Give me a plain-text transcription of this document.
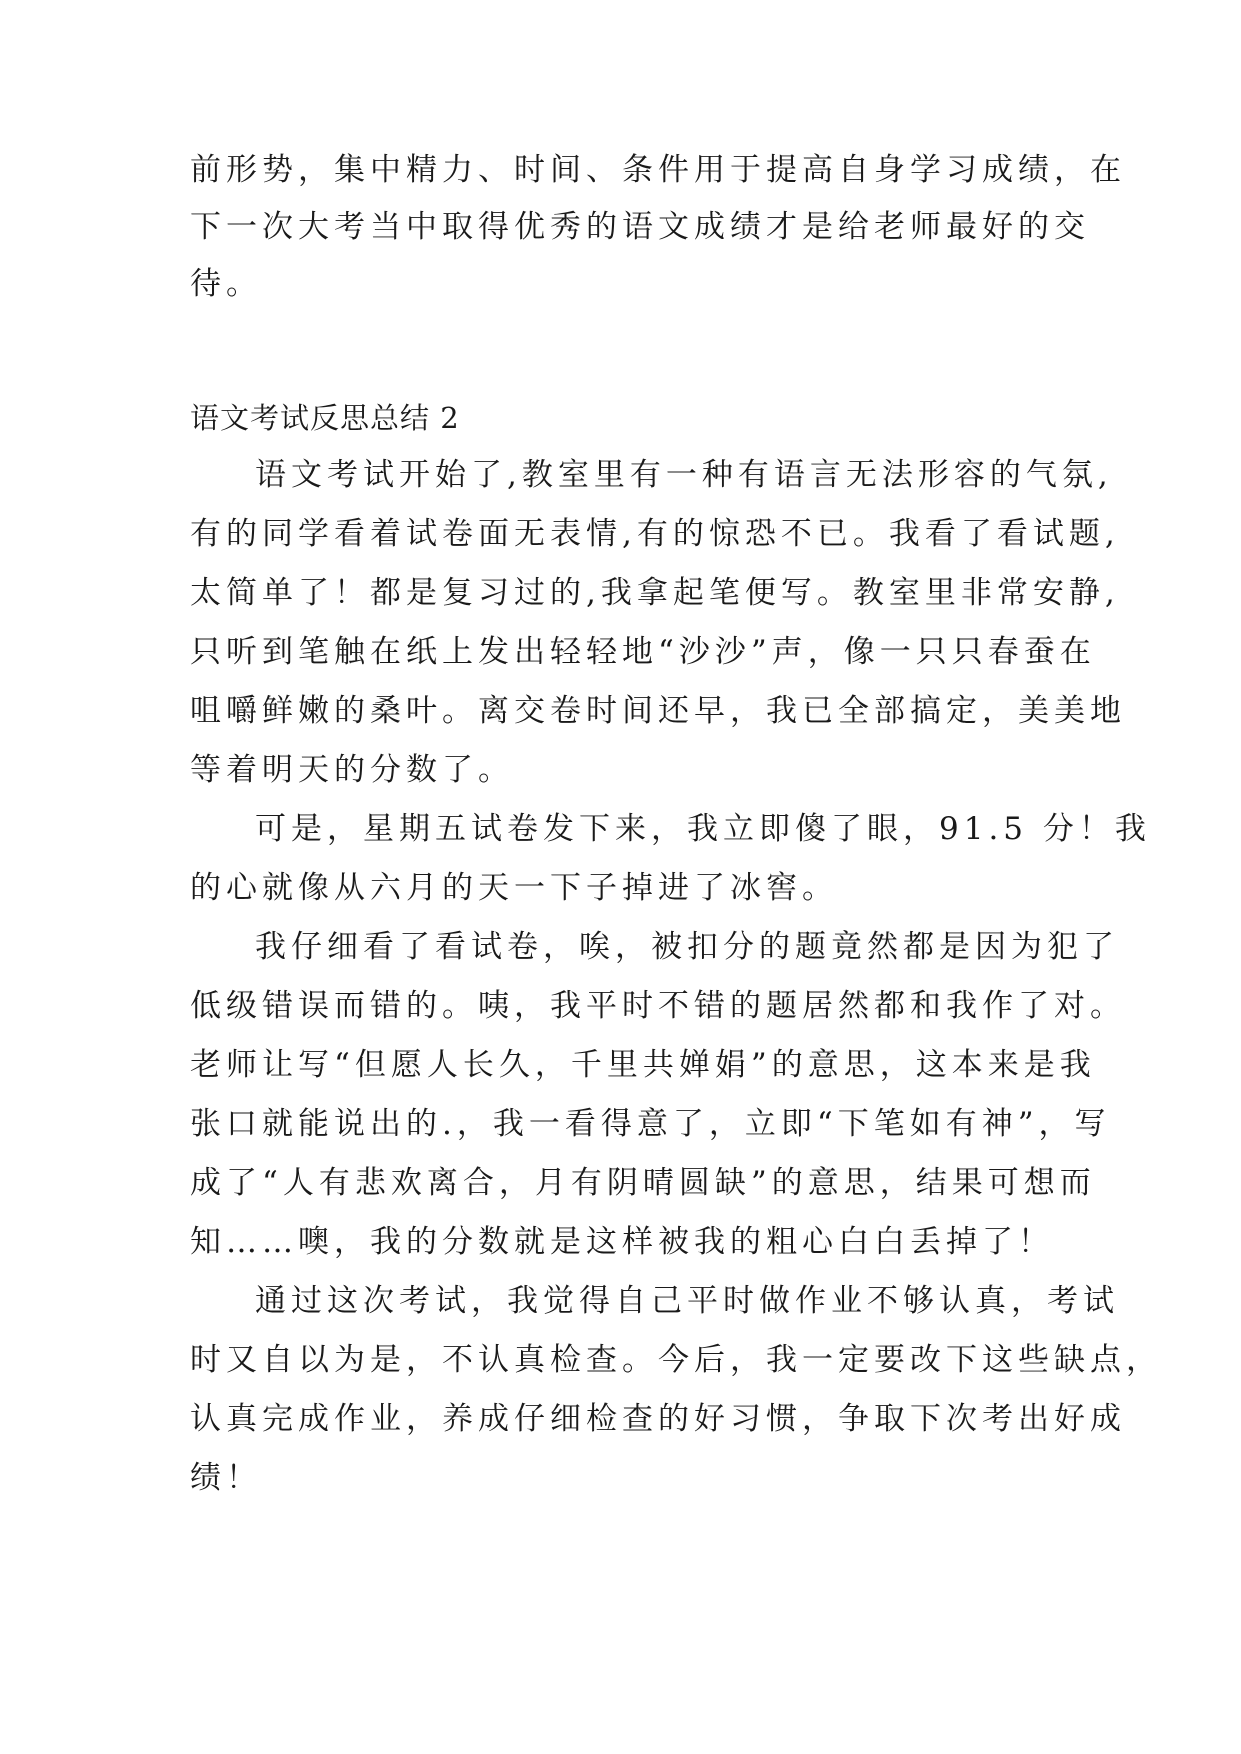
前形势，集中精力、时间、条件用于提高自身学习成绩，在
下一次大考当中取得优秀的语文成绩才是给老师最好的交
待。
语文考试反思总结 2
语文考试开始了,教室里有一种有语言无法形容的气氛,
有的同学看着试卷面无表情,有的惊恐不已。我看了看试题,
太简单了！都是复习过的,我拿起笔便写。教室里非常安静,
只听到笔触在纸上发出轻轻地“沙沙”声，像一只只春蚕在
咀嚼鲜嫩的桑叶。离交卷时间还早，我已全部搞定，美美地
等着明天的分数了。
可是，星期五试卷发下来，我立即傻了眼，91.5 分！我
的心就像从六月的天一下子掉进了冰窖。
我仔细看了看试卷，唉，被扣分的题竟然都是因为犯了
低级错误而错的。咦，我平时不错的题居然都和我作了对。
老师让写“但愿人长久，千里共婵娟”的意思，这本来是我
张口就能说出的.，我一看得意了，立即“下笔如有神”，写
成了“人有悲欢离合，月有阴晴圆缺”的意思，结果可想而
知……噢，我的分数就是这样被我的粗心白白丢掉了！
通过这次考试，我觉得自己平时做作业不够认真，考试
时又自以为是，不认真检查。今后，我一定要改下这些缺点，
认真完成作业，养成仔细检查的好习惯，争取下次考出好成
绩！
